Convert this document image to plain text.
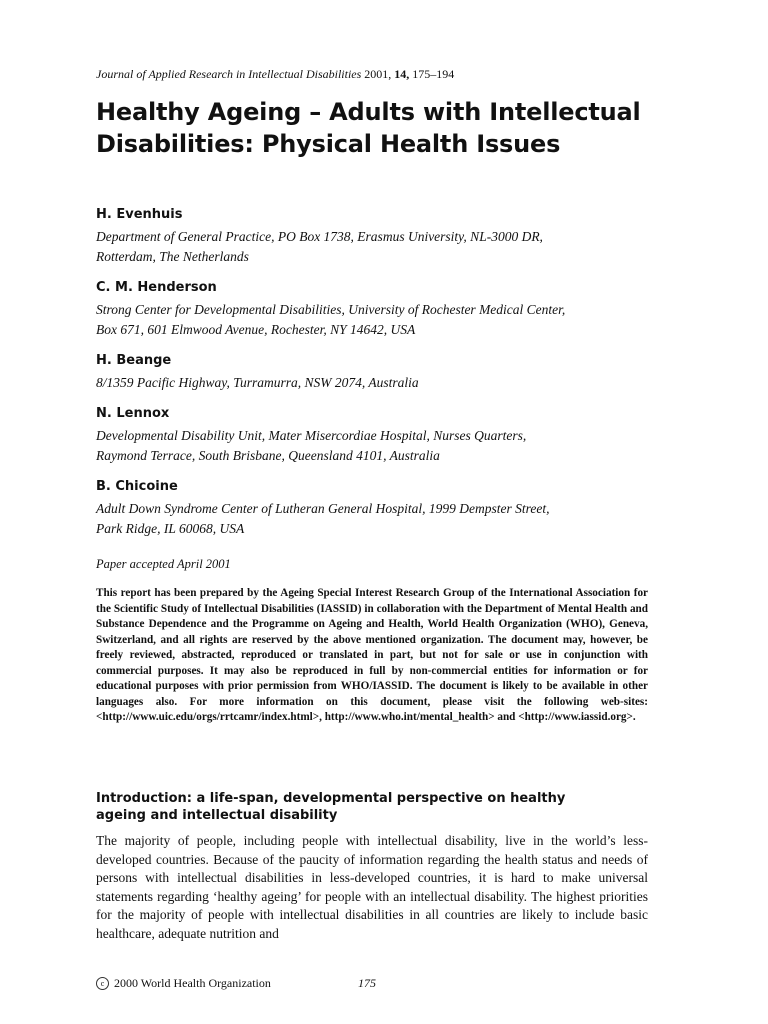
Journal of Applied Research in Intellectual Disabilities 2001, 14, 175–194
Healthy Ageing – Adults with Intellectual
Disabilities: Physical Health Issues

H. Evenhuis

Department of General Practice, PO Box 1738, Erasmus University, NL-3000 DR,
Rotterdam, The Netherlands

C. M. Henderson

Strong Center for Developmental Disabilities, University of Rochester Medical Center,
Box 671, 601 Elmwood Avenue, Rochester, NY 14642, USA

H. Beange

8/1359 Pacific Highway, Turramurra, NSW 2074, Australia

N. Lennox

Developmental Disability Unit, Mater Misercordiae Hospital, Nurses Quarters,
Raymond Terrace, South Brisbane, Queensland 4101, Australia

B. Chicoine

Adult Down Syndrome Center of Lutheran General Hospital, 1999 Dempster Street,
Park Ridge, IL 60068, USA

Paper accepted April 2001

This report has been prepared by the Ageing Special Interest Research Group of the International Association for the Scientific Study of Intellectual Disabilities (IASSID) in collaboration with the Department of Mental Health and Substance Dependence and the Programme on Ageing and Health, World Health Organization (WHO), Geneva, Switzerland, and all rights are reserved by the above mentioned organization. The document may, however, be freely reviewed, abstracted, reproduced or translated in part, but not for sale or use in conjunction with commercial purposes. It may also be reproduced in full by non-commercial entities for information or for educational purposes with prior permission from WHO/IASSID. The document is likely to be available in other languages also. For more information on this document, please visit the following web-sites: <http://www.uic.edu/orgs/rrtcamr/index.html>, http://www.who.int/mental_health> and <http://www.iassid.org>.

Introduction: a life-span, developmental perspective on healthy
ageing and intellectual disability

The majority of people, including people with intellectual disability, live in the world’s less-developed countries. Because of the paucity of information regarding the health status and needs of persons with intellectual disabilities in less-developed countries, it is hard to make universal statements regarding ‘healthy ageing’ for people with an intellectual disability. The highest priorities for the majority of people with intellectual disabilities in all countries are likely to include basic healthcare, adequate nutrition and

c 2000 World Health Organization	175
